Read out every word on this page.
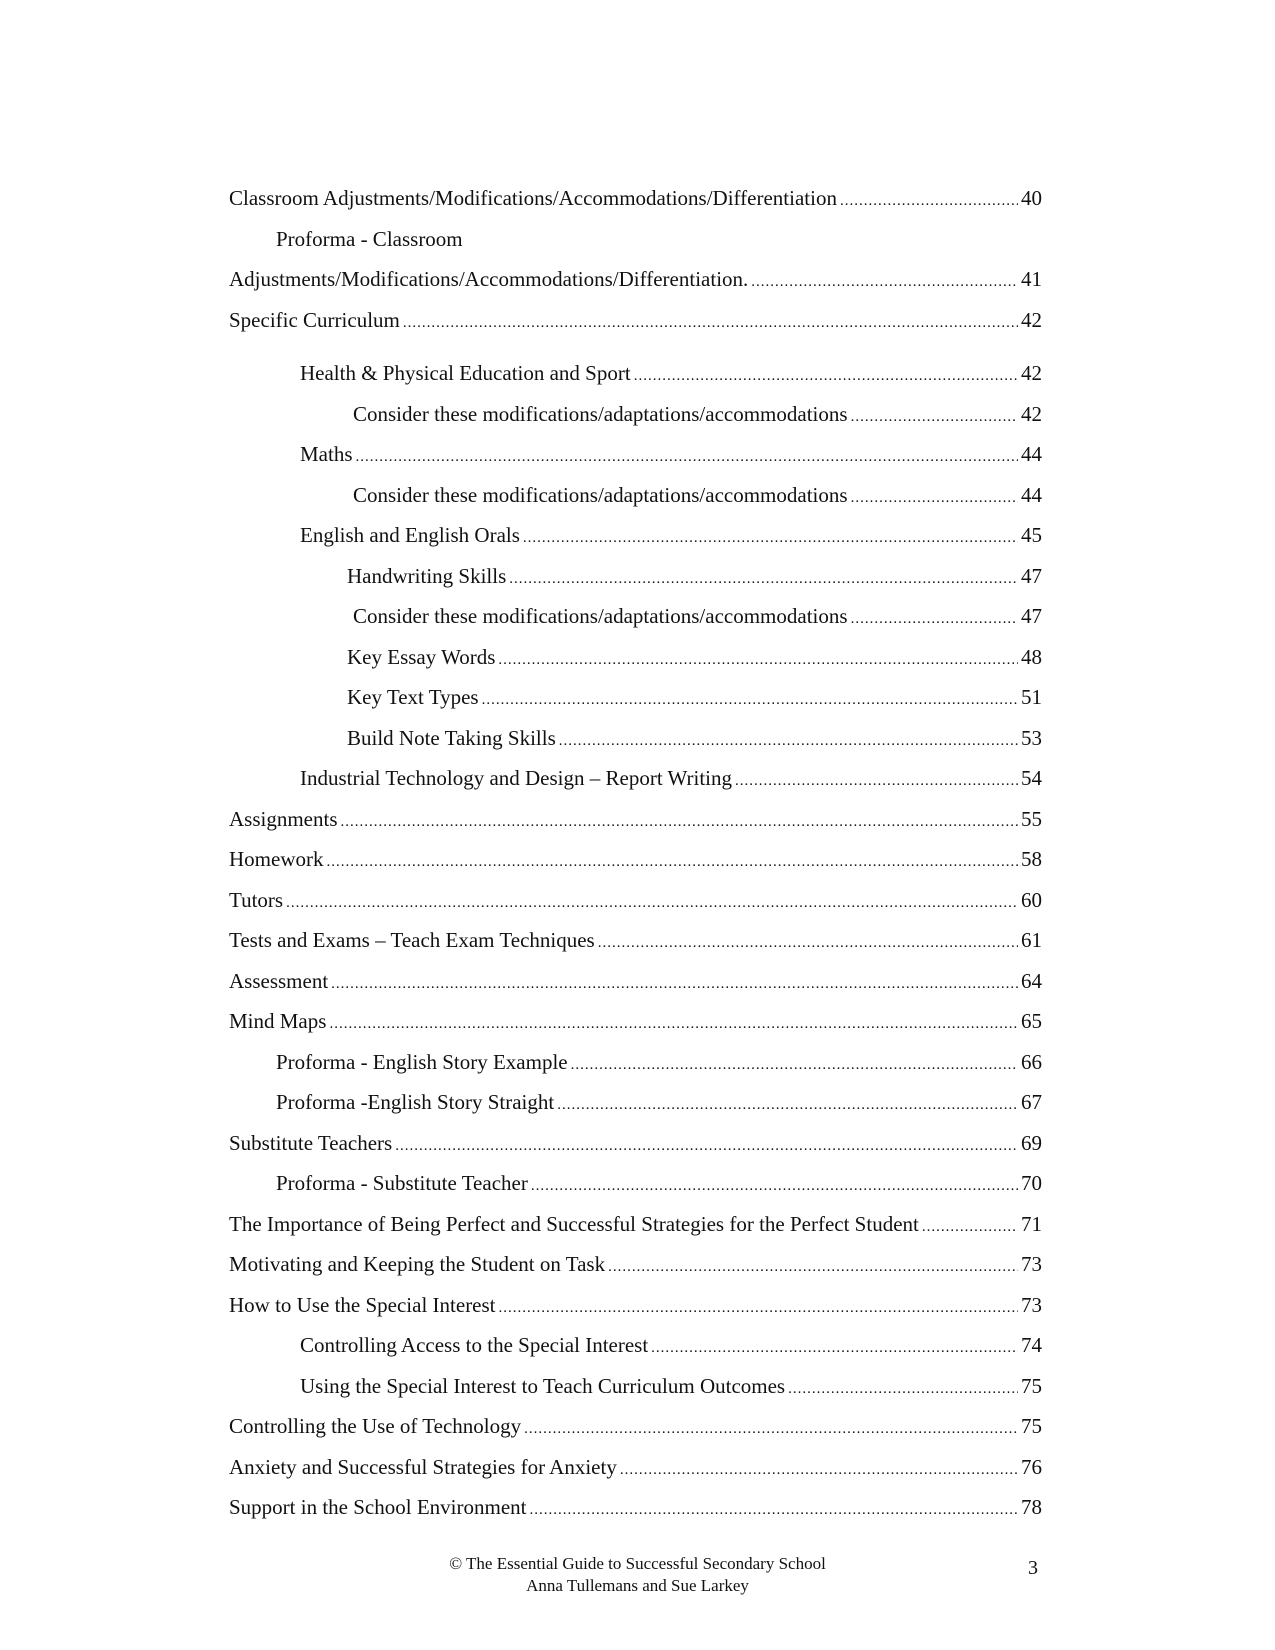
Classroom Adjustments/Modifications/Accommodations/Differentiation .....	40
Proforma - Classroom
Adjustments/Modifications/Accommodations/Differentiation. .....	41
Specific Curriculum .....	42
Health & Physical Education and Sport .....	42
Consider these modifications/adaptations/accommodations .....	42
Maths .....	44
Consider these modifications/adaptations/accommodations .....	44
English and English Orals .....	45
Handwriting Skills .....	47
Consider these modifications/adaptations/accommodations .....	47
Key Essay Words .....	48
Key Text Types .....	51
Build Note Taking Skills .....	53
Industrial Technology and Design – Report Writing .....	54
Assignments .....	55
Homework .....	58
Tutors .....	60
Tests and Exams – Teach Exam Techniques .....	61
Assessment .....	64
Mind Maps .....	65
Proforma - English Story Example .....	66
Proforma -English Story Straight .....	67
Substitute Teachers .....	69
Proforma - Substitute Teacher .....	70
The Importance of Being Perfect and Successful Strategies for the Perfect Student .....	71
Motivating and Keeping the Student on Task .....	73
How to Use the Special Interest .....	73
Controlling Access to the Special Interest .....	74
Using the Special Interest to Teach Curriculum Outcomes .....	75
Controlling the Use of Technology .....	75
Anxiety and Successful Strategies for Anxiety .....	76
Support in the School Environment .....	78
© The Essential Guide to Successful Secondary School
Anna Tullemans and Sue Larkey
3
